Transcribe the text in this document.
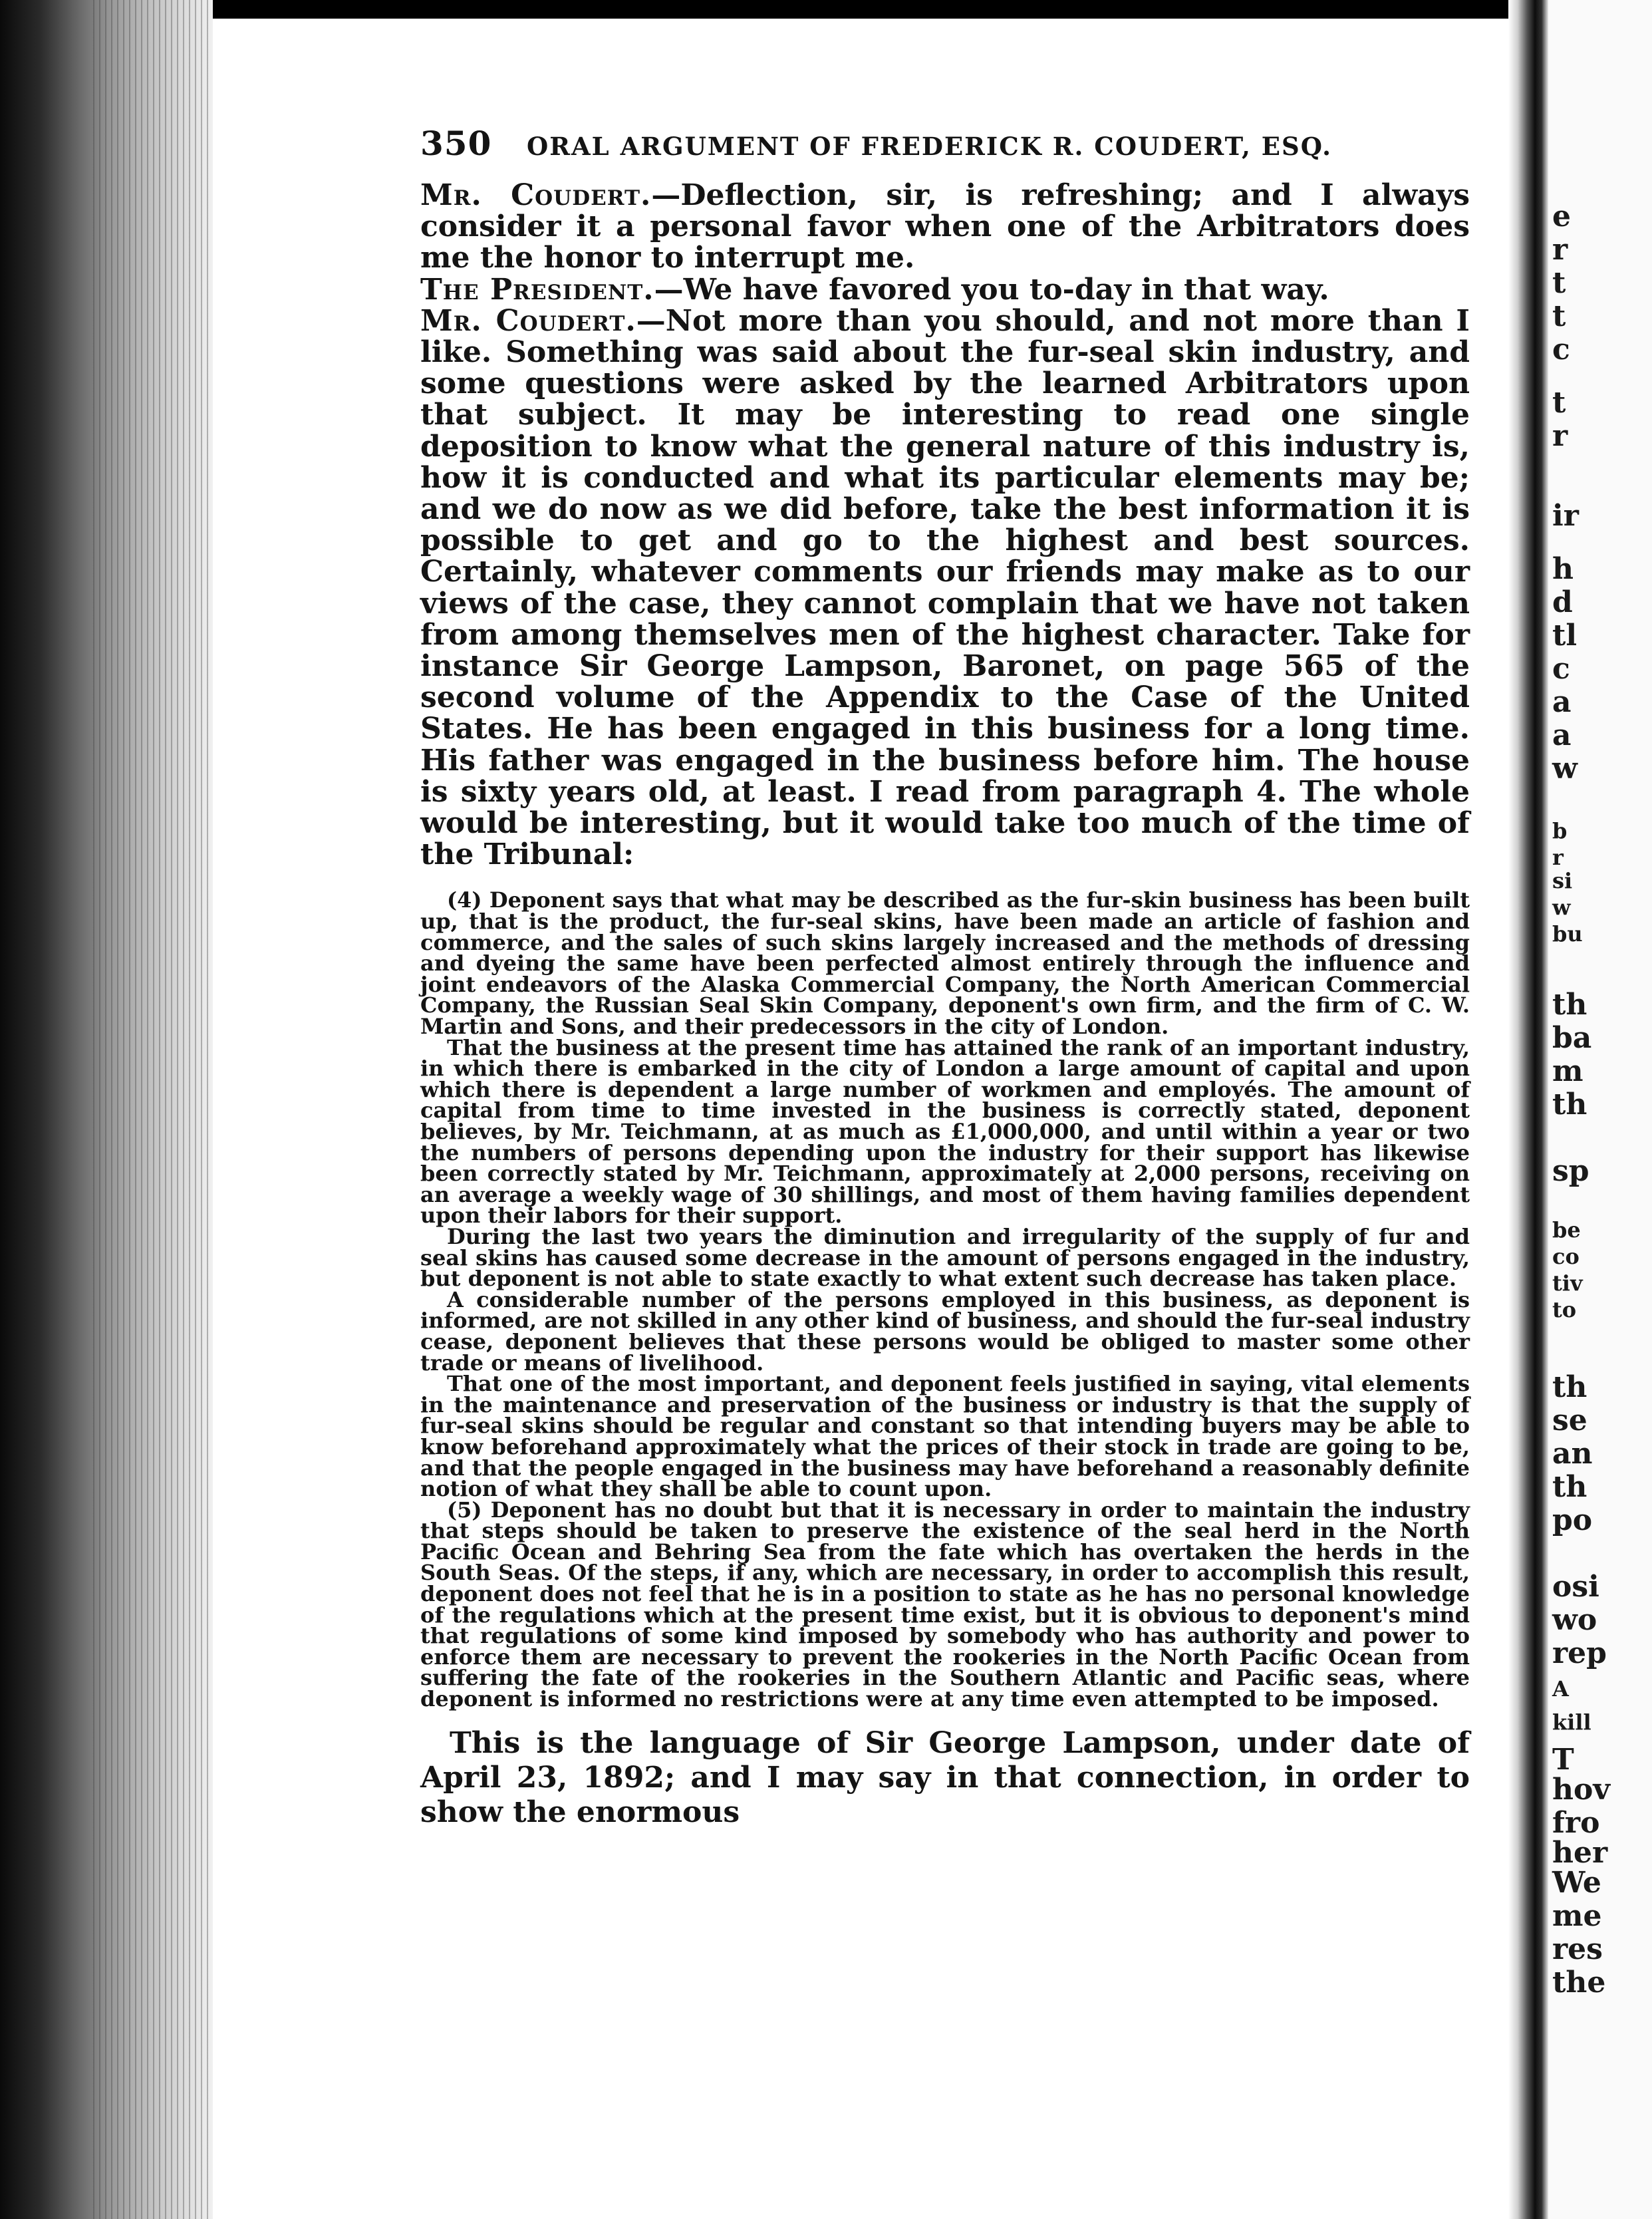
e
r
t
t
c
t
r
ir
h
d
tl
c
a
a
w
b
r
si
w
bu
th
ba
m
th
sp
be
co
tiv
to
th
se
an
th
po
osi
wo
rep
A
kill
T
hov
fro
her
We
me
res
the
350 ORAL ARGUMENT OF FREDERICK R. COUDERT, ESQ.

Mr. Coudert.—Deflection, sir, is refreshing; and I always consider it a personal favor when one of the Arbitrators does me the honor to interrupt me.

The President.—We have favored you to-day in that way.

Mr. Coudert.—Not more than you should, and not more than I like. Something was said about the fur-seal skin industry, and some questions were asked by the learned Arbitrators upon that subject. It may be interesting to read one single deposition to know what the general nature of this industry is, how it is conducted and what its particular elements may be; and we do now as we did before, take the best information it is possible to get and go to the highest and best sources. Certainly, whatever comments our friends may make as to our views of the case, they cannot complain that we have not taken from among themselves men of the highest character. Take for instance Sir George Lampson, Baronet, on page 565 of the second volume of the Appendix to the Case of the United States. He has been engaged in this business for a long time. His father was engaged in the business before him. The house is sixty years old, at least. I read from paragraph 4. The whole would be interesting, but it would take too much of the time of the Tribunal:

(4) Deponent says that what may be described as the fur-skin business has been built up, that is the product, the fur-seal skins, have been made an article of fashion and commerce, and the sales of such skins largely increased and the methods of dressing and dyeing the same have been perfected almost entirely through the influence and joint endeavors of the Alaska Commercial Company, the North American Commercial Company, the Russian Seal Skin Company, deponent's own firm, and the firm of C. W. Martin and Sons, and their predecessors in the city of London.

That the business at the present time has attained the rank of an important industry, in which there is embarked in the city of London a large amount of capital and upon which there is dependent a large number of workmen and employés. The amount of capital from time to time invested in the business is correctly stated, deponent believes, by Mr. Teichmann, at as much as £1,000,000, and until within a year or two the numbers of persons depending upon the industry for their support has likewise been correctly stated by Mr. Teichmann, approximately at 2,000 persons, receiving on an average a weekly wage of 30 shillings, and most of them having families dependent upon their labors for their support.

During the last two years the diminution and irregularity of the supply of fur and seal skins has caused some decrease in the amount of persons engaged in the industry, but deponent is not able to state exactly to what extent such decrease has taken place.

A considerable number of the persons employed in this business, as deponent is informed, are not skilled in any other kind of business, and should the fur-seal industry cease, deponent believes that these persons would be obliged to master some other trade or means of livelihood.

That one of the most important, and deponent feels justified in saying, vital elements in the maintenance and preservation of the business or industry is that the supply of fur-seal skins should be regular and constant so that intending buyers may be able to know beforehand approximately what the prices of their stock in trade are going to be, and that the people engaged in the business may have beforehand a reasonably definite notion of what they shall be able to count upon.

(5) Deponent has no doubt but that it is necessary in order to maintain the industry that steps should be taken to preserve the existence of the seal herd in the North Pacific Ocean and Behring Sea from the fate which has overtaken the herds in the South Seas. Of the steps, if any, which are necessary, in order to accomplish this result, deponent does not feel that he is in a position to state as he has no personal knowledge of the regulations which at the present time exist, but it is obvious to deponent's mind that regulations of some kind imposed by somebody who has authority and power to enforce them are necessary to prevent the rookeries in the North Pacific Ocean from suffering the fate of the rookeries in the Southern Atlantic and Pacific seas, where deponent is informed no restrictions were at any time even attempted to be imposed.

This is the language of Sir George Lampson, under date of April 23, 1892; and I may say in that connection, in order to show the enormous
